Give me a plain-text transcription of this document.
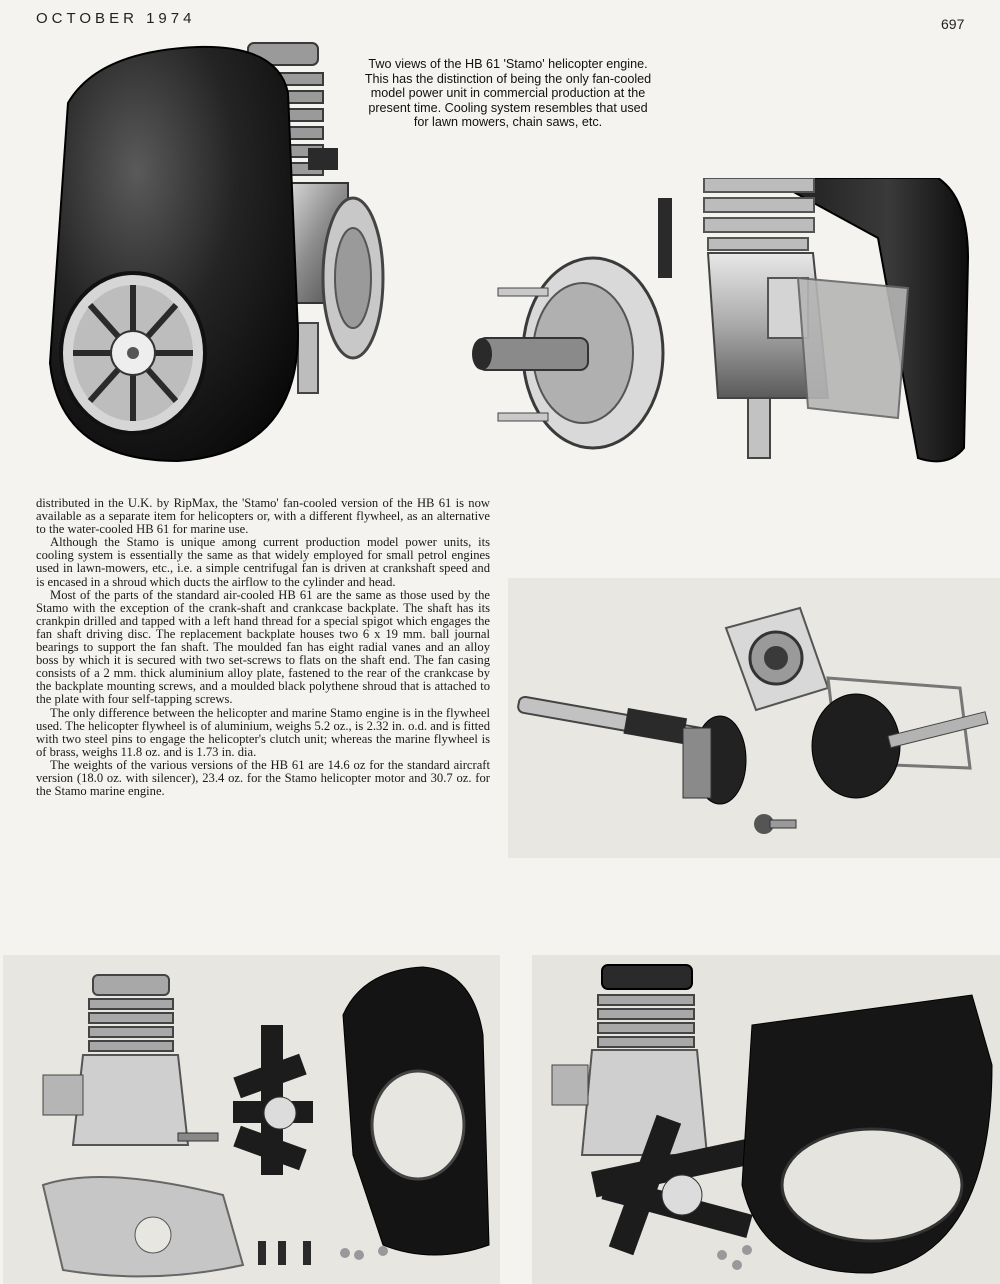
OCTOBER 1974	697

Two views of the HB 61 'Stamo' helicopter engine. This has the distinction of being the only fan-cooled model power unit in commercial production at the present time. Cooling system resembles that used for lawn mowers, chain saws, etc.

distributed in the U.K. by RipMax, the 'Stamo' fan-cooled version of the HB 61 is now available as a separate item for helicopters or, with a different flywheel, as an alternative to the water-cooled HB 61 for marine use.

Although the Stamo is unique among current production model power units, its cooling system is essentially the same as that widely employed for small petrol engines used in lawn-mowers, etc., i.e. a simple centrifugal fan is driven at crankshaft speed and is encased in a shroud which ducts the airflow to the cylinder and head.

Most of the parts of the standard air-cooled HB 61 are the same as those used by the Stamo with the exception of the crank-shaft and crankcase backplate. The shaft has its crankpin drilled and tapped with a left hand thread for a special spigot which engages the fan shaft driving disc. The replacement backplate houses two 6 x 19 mm. ball journal bearings to support the fan shaft. The moulded fan has eight radial vanes and an alloy boss by which it is secured with two set-screws to flats on the shaft end. The fan casing consists of a 2 mm. thick aluminium alloy plate, fastened to the rear of the crankcase by the backplate mounting screws, and a moulded black polythene shroud that is attached to the plate with four self-tapping screws.

The only difference between the helicopter and marine Stamo engine is in the flywheel used. The helicopter flywheel is of aluminium, weighs 5.2 oz., is 2.32 in. o.d. and is fitted with two steel pins to engage the helicopter's clutch unit; whereas the marine flywheel is of brass, weighs 11.8 oz. and is 1.73 in. dia.

The weights of the various versions of the HB 61 are 14.6 oz for the standard aircraft version (18.0 oz. with silencer), 23.4 oz. for the Stamo helicopter motor and 30.7 oz. for the Stamo marine engine.
